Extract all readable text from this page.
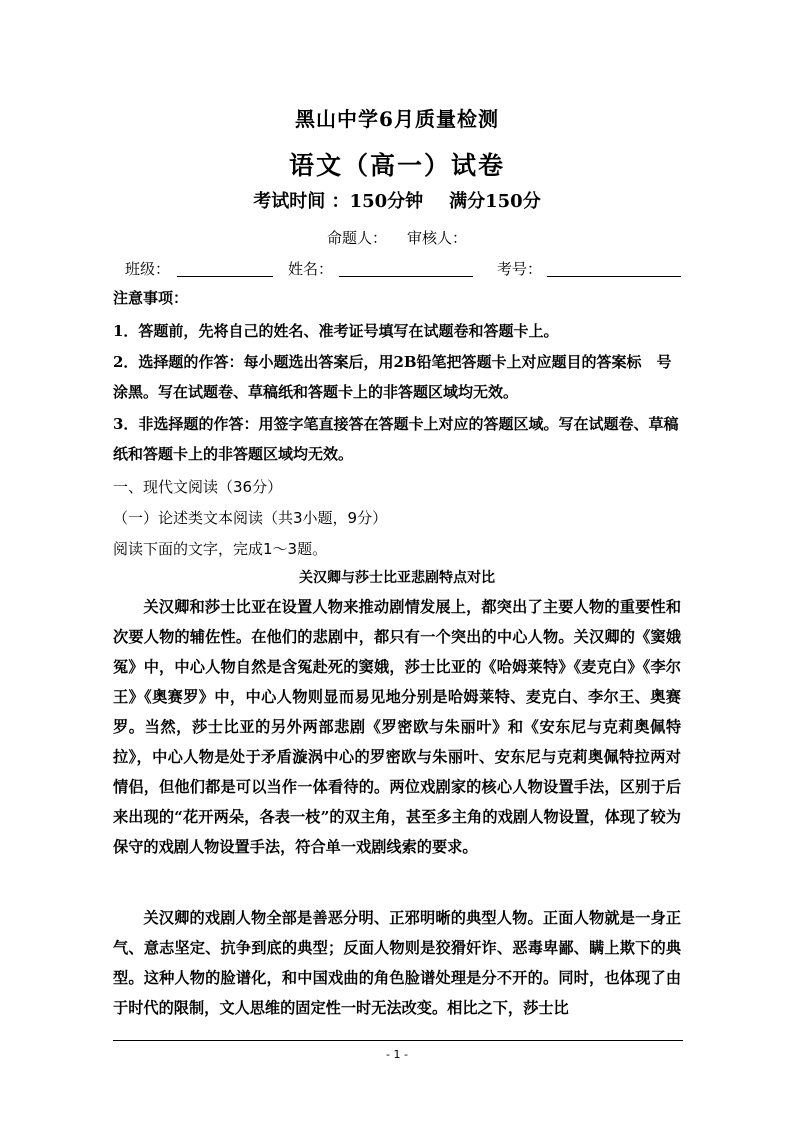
黑山中学6月质量检测
语文（高一）试卷
考试时间 ：150分钟 满分150分
命题人： 审核人：
班级：	姓名：	考号：
注意事项：
1．答题前，先将自己的姓名、准考证号填写在试题卷和答题卡上。
2．选择题的作答：每小题选出答案后，用2B铅笔把答题卡上对应题目的答案标　号涂黑。写在试题卷、草稿纸和答题卡上的非答题区域均无效。
3．非选择题的作答：用签字笔直接答在答题卡上对应的答题区域。写在试题卷、草稿纸和答题卡上的非答题区域均无效。
一、现代文阅读（36分）
（一）论述类文本阅读（共3小题，9分）
阅读下面的文字，完成1～3题。
关汉卿与莎士比亚悲剧特点对比
关汉卿和莎士比亚在设置人物来推动剧情发展上，都突出了主要人物的重要性和次要人物的辅佐性。在他们的悲剧中，都只有一个突出的中心人物。关汉卿的《窦娥冤》中，中心人物自然是含冤赴死的窦娥，莎士比亚的《哈姆莱特》《麦克白》《李尔王》《奥赛罗》中，中心人物则显而易见地分别是哈姆莱特、麦克白、李尔王、奥赛罗。当然，莎士比亚的另外两部悲剧《罗密欧与朱丽叶》和《安东尼与克莉奥佩特拉》，中心人物是处于矛盾漩涡中心的罗密欧与朱丽叶、安东尼与克莉奥佩特拉两对情侣，但他们都是可以当作一体看待的。两位戏剧家的核心人物设置手法，区别于后来出现的“花开两朵，各表一枝”的双主角，甚至多主角的戏剧人物设置，体现了较为保守的戏剧人物设置手法，符合单一戏剧线索的要求。
关汉卿的戏剧人物全部是善恶分明、正邪明晰的典型人物。正面人物就是一身正气、意志坚定、抗争到底的典型；反面人物则是狡猾奸诈、恶毒卑鄙、瞒上欺下的典型。这种人物的脸谱化，和中国戏曲的角色脸谱处理是分不开的。同时，也体现了由于时代的限制，文人思维的固定性一时无法改变。相比之下，莎士比
- 1 -
